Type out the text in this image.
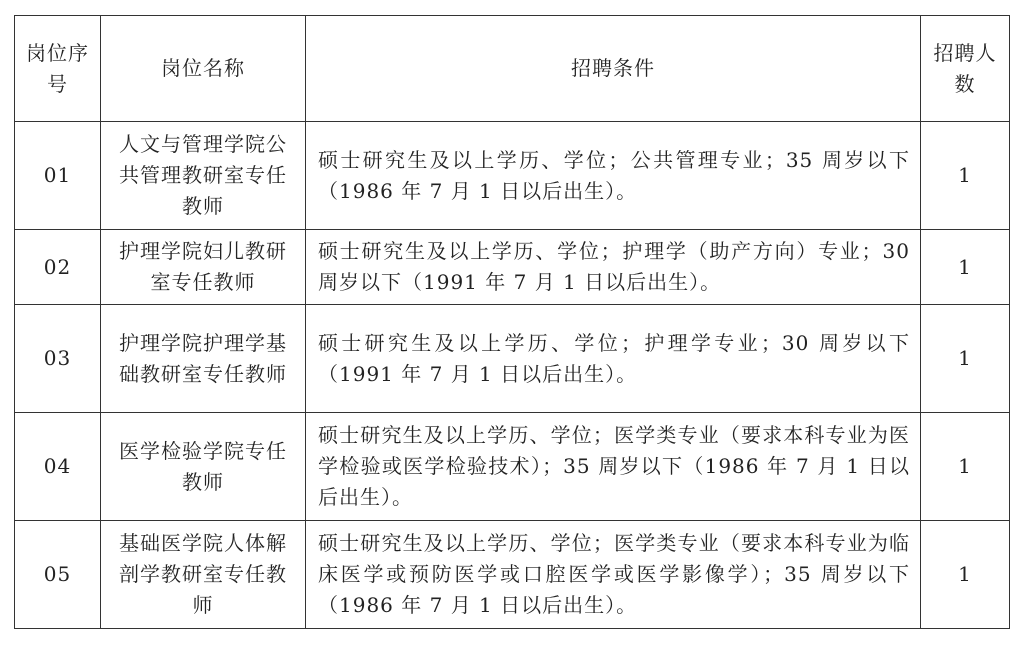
岗位序号	岗位名称	招聘条件	招聘人数

01	人文与管理学院公共管理教研室专任教师	硕士研究生及以上学历、学位；公共管理专业；35 周岁以下（1986 年 7 月 1 日以后出生）。	1
02	护理学院妇儿教研室专任教师	硕士研究生及以上学历、学位；护理学（助产方向）专业；30 周岁以下（1991 年 7 月 1 日以后出生）。	1
03	护理学院护理学基础教研室专任教师	硕士研究生及以上学历、学位；护理学专业；30 周岁以下（1991 年 7 月 1 日以后出生）。	1
04	医学检验学院专任教师	硕士研究生及以上学历、学位；医学类专业（要求本科专业为医学检验或医学检验技术）；35 周岁以下（1986 年 7 月 1 日以后出生）。	1
05	基础医学院人体解剖学教研室专任教师	硕士研究生及以上学历、学位；医学类专业（要求本科专业为临床医学或预防医学或口腔医学或医学影像学）；35 周岁以下（1986 年 7 月 1 日以后出生）。	1
